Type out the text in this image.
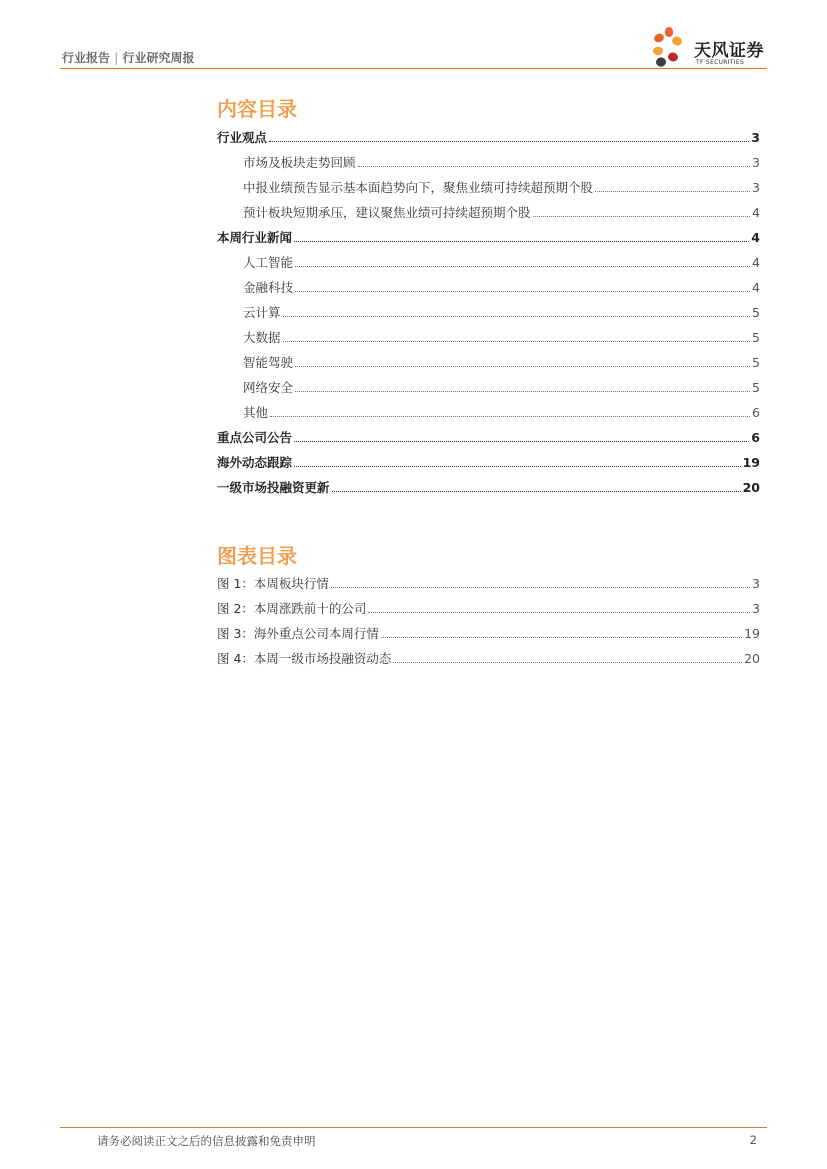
行业报告 | 行业研究周报	天风证券
TF SECURITIES
内容目录
行业观点	3
市场及板块走势回顾	3
中报业绩预告显示基本面趋势向下，聚焦业绩可持续超预期个股	3
预计板块短期承压，建议聚焦业绩可持续超预期个股	4
本周行业新闻	4
人工智能	4
金融科技	4
云计算	5
大数据	5
智能驾驶	5
网络安全	5
其他	6
重点公司公告	6
海外动态跟踪	19
一级市场投融资更新	20
图表目录
图 1：本周板块行情	3
图 2：本周涨跌前十的公司	3
图 3：海外重点公司本周行情	19
图 4：本周一级市场投融资动态	20
请务必阅读正文之后的信息披露和免责申明	2
